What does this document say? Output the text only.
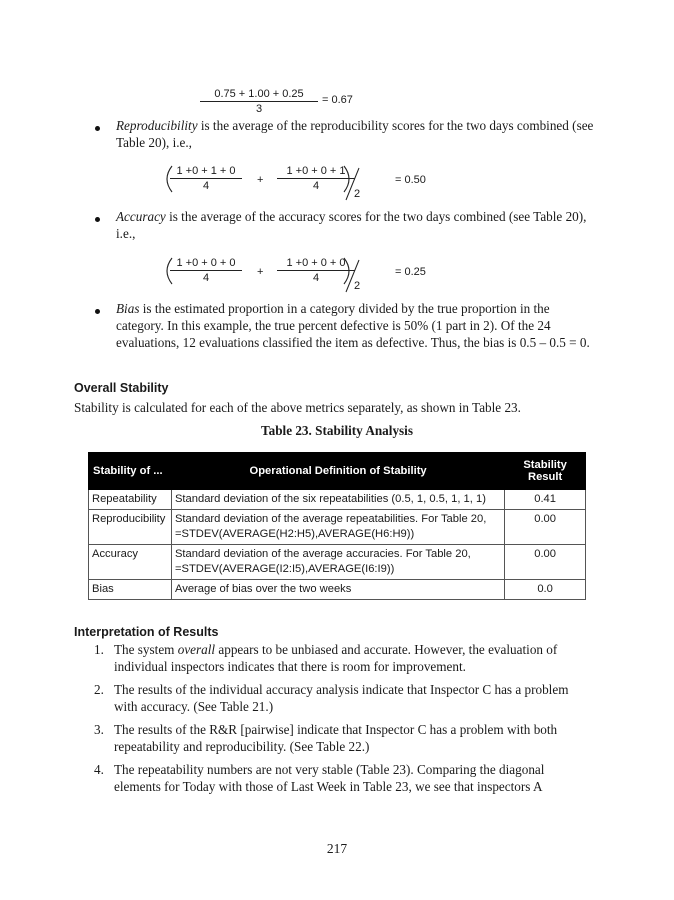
$\frac{0.75 + 1.00 + 0.25}{3} = 0.67$
Reproducibility is the average of the reproducibility scores for the two days combined (see Table 20), i.e.,
$\frac{1 +0 + 1 + 0}{4} + \frac{1 +0 + 0 + 1}{4}$
2
= 0.50
Accuracy is the average of the accuracy scores for the two days combined (see Table 20), i.e.,
$\frac{1 +0 + 0 + 0}{4} + \frac{1 +0 + 0 + 0}{4}$
2
= 0.25
Bias is the estimated proportion in a category divided by the true proportion in the category. In this example, the true percent defective is 50% (1 part in 2). Of the 24 evaluations, 12 evaluations classified the item as defective. Thus, the bias is 0.5 – 0.5 = 0.
Overall Stability
Stability is calculated for each of the above metrics separately, as shown in Table 23.
Table 23. Stability Analysis
Stability of ...	Operational Definition of Stability	Stability Result
Repeatability	Standard deviation of the six repeatabilities (0.5, 1, 0.5, 1, 1, 1)	0.41
Reproducibility	Standard deviation of the average repeatabilities. For Table 20, =STDEV(AVERAGE(H2:H5),AVERAGE(H6:H9))	0.00
Accuracy	Standard deviation of the average accuracies. For Table 20, =STDEV(AVERAGE(I2:I5),AVERAGE(I6:I9))	0.00
Bias	Average of bias over the two weeks	0.0
Interpretation of Results
1. The system overall appears to be unbiased and accurate. However, the evaluation of individual inspectors indicates that there is room for improvement.
2. The results of the individual accuracy analysis indicate that Inspector C has a problem with accuracy. (See Table 21.)
3. The results of the R&R [pairwise] indicate that Inspector C has a problem with both repeatability and reproducibility. (See Table 22.)
4. The repeatability numbers are not very stable (Table 23). Comparing the diagonal elements for Today with those of Last Week in Table 23, we see that inspectors A
217
